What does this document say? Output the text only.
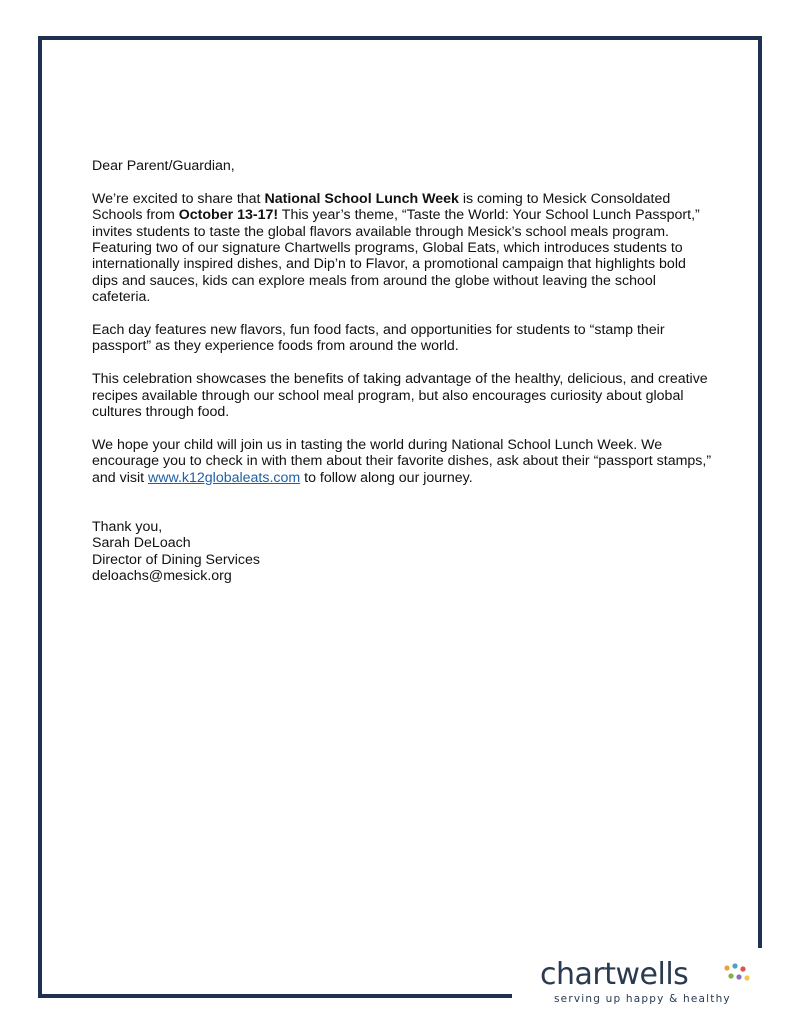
Dear Parent/Guardian,

We’re excited to share that National School Lunch Week is coming to Mesick Consoldated Schools from October 13-17! This year’s theme, “Taste the World: Your School Lunch Passport,” invites students to taste the global flavors available through Mesick’s school meals program. Featuring two of our signature Chartwells programs, Global Eats, which introduces students to internationally inspired dishes, and Dip’n to Flavor, a promotional campaign that highlights bold dips and sauces, kids can explore meals from around the globe without leaving the school cafeteria.

Each day features new flavors, fun food facts, and opportunities for students to “stamp their passport” as they experience foods from around the world.

This celebration showcases the benefits of taking advantage of the healthy, delicious, and creative recipes available through our school meal program, but also encourages curiosity about global cultures through food.

We hope your child will join us in tasting the world during National School Lunch Week. We encourage you to check in with them about their favorite dishes, ask about their “passport stamps,” and visit www.k12globaleats.com to follow along our journey.

Thank you,
Sarah DeLoach
Director of Dining Services
deloachs@mesick.org
chartwells
serving up happy & healthy
